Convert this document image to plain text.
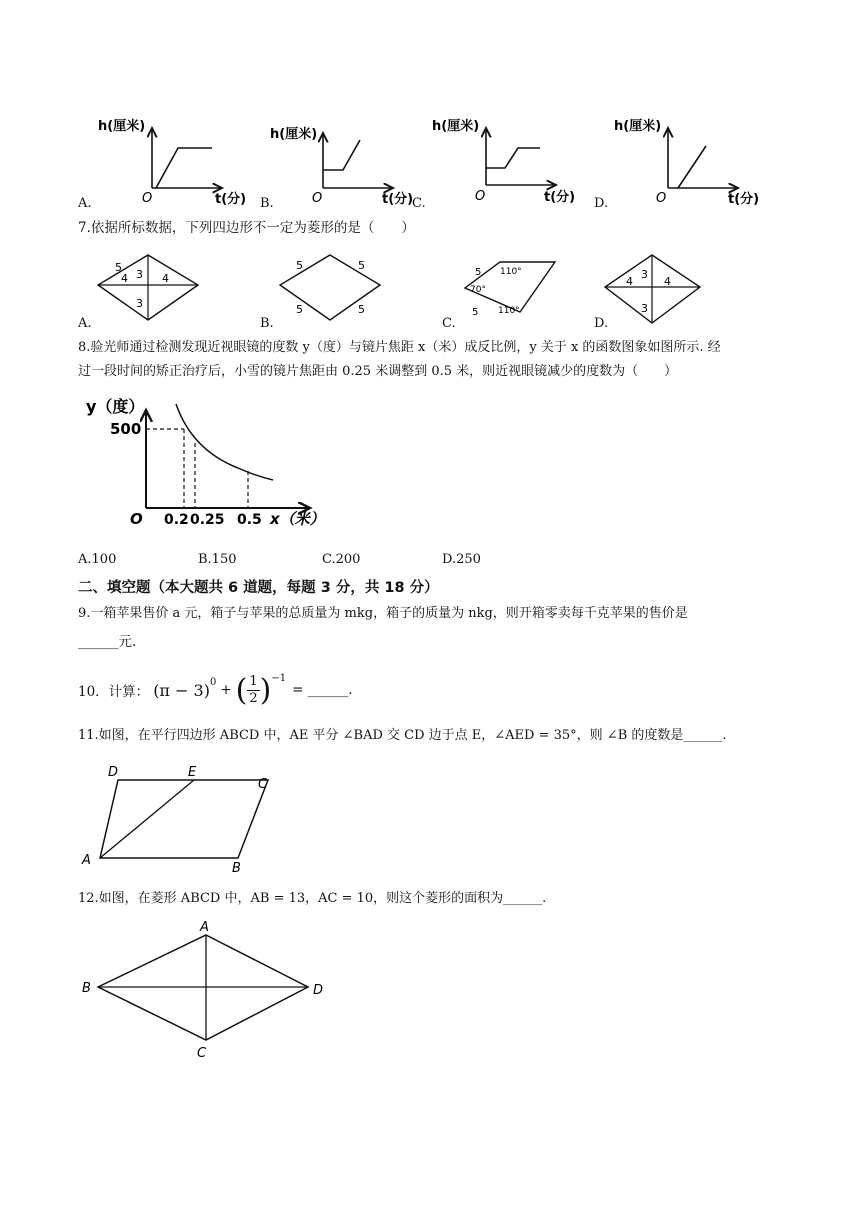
h(厘米)
t(分)
O
h(厘米)
t(分)
O
h(厘米)
t(分)
O
h(厘米)
t(分)
O
A.	B.	C.	D.
7.依据所标数据，下列四边形不一定为菱形的是（　　）
5
3
4	4
3
5	5
5	5
5 110°
70°
5 110°
3
4	4
3
A.	B.	C.	D.
8.验光师通过检测发现近视眼镜的度数 y（度）与镜片焦距 x（米）成反比例，y 关于 x 的函数图象如图所示. 经
过一段时间的矫正治疗后，小雪的镜片焦距由 0.25 米调整到 0.5 米，则近视眼镜减少的度数为（　　）
y（度）
500
O 0.2 0.25 0.5 x（米）
A.100	B.150	C.200	D.250
二、填空题（本大题共 6 道题，每题 3 分，共 18 分）
9.一箱苹果售价 a 元，箱子与苹果的总质量为 mkg，箱子的质量为 nkg，则开箱零卖每千克苹果的售价是
______元.
10．计算： $(\pi - 3)^0$ + ( 1
2 )$^{-1}$
= ______.
11.如图，在平行四边形 ABCD 中，AE 平分 ∠BAD 交 CD 边于点 E，∠AED = 35°，则 ∠B 的度数是______.
D	E
C
A
B
12.如图，在菱形 ABCD 中，AB = 13，AC = 10，则这个菱形的面积为______.
A
B
C
D
